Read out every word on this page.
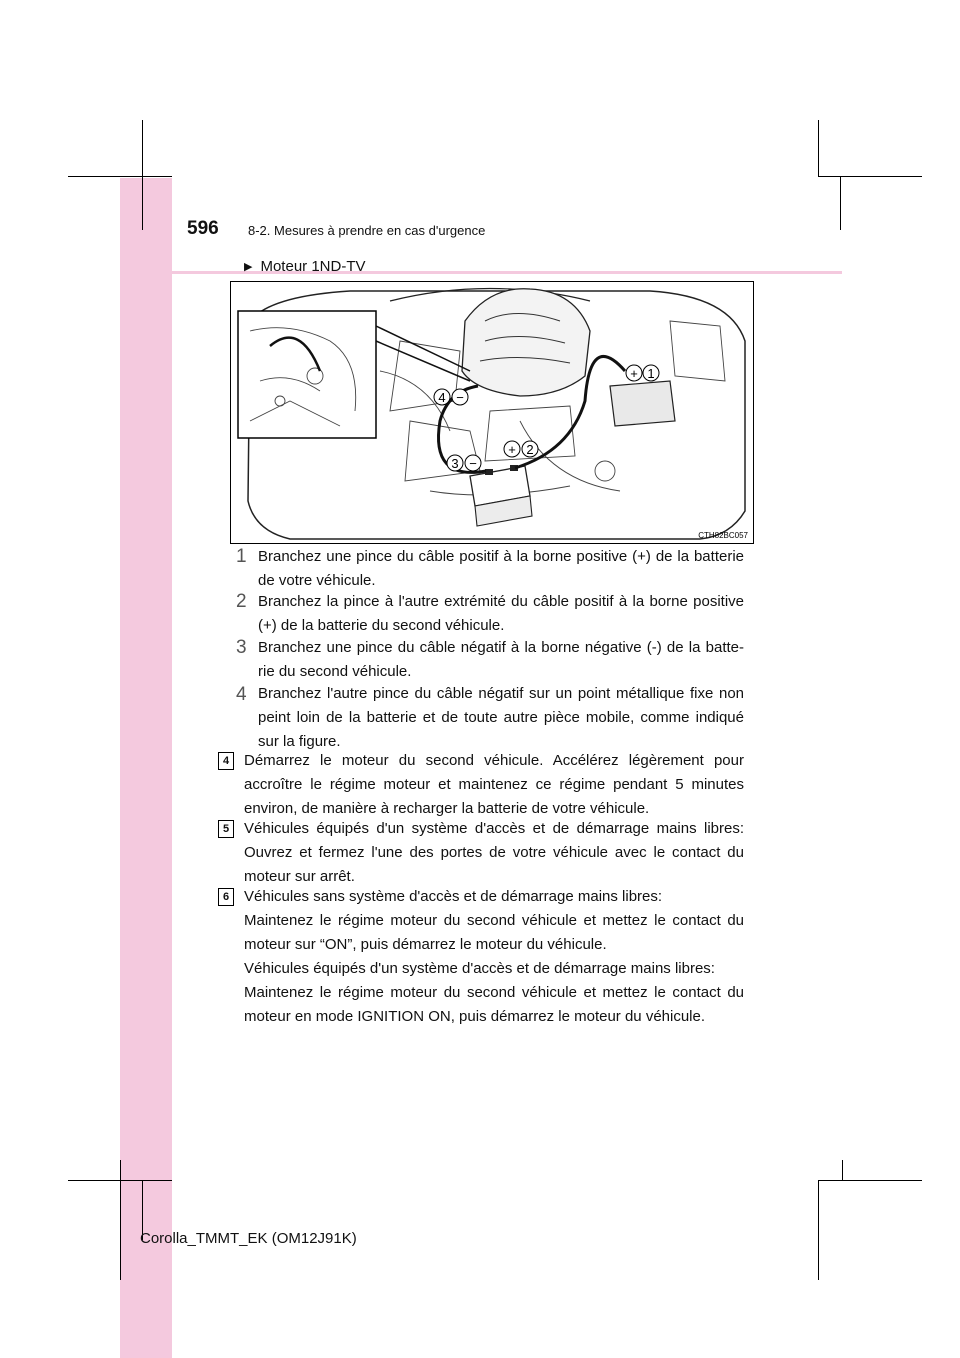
596 8-2. Mesures à prendre en cas d'urgence
+ 1
+ 2
3 −
4 −
CTH82BC057
▶ Moteur 1ND-TV
1 Branchez une pince du câble positif à la borne positive (+) de la batterie de votre véhicule.
2 Branchez la pince à l'autre extrémité du câble positif à la borne positive (+) de la batterie du second véhicule.
3 Branchez une pince du câble négatif à la borne négative (-) de la batte-rie du second véhicule.
4 Branchez l'autre pince du câble négatif sur un point métallique fixe non peint loin de la batterie et de toute autre pièce mobile, comme indiqué sur la figure.
4 Démarrez le moteur du second véhicule. Accélérez légèrement pour accroître le régime moteur et maintenez ce régime pendant 5 minutes environ, de manière à recharger la batterie de votre véhicule.
5 Véhicules équipés d'un système d'accès et de démarrage mains libres: Ouvrez et fermez l'une des portes de votre véhicule avec le contact du moteur sur arrêt.
6 Véhicules sans système d'accès et de démarrage mains libres:
Maintenez le régime moteur du second véhicule et mettez le contact du moteur sur “ON”, puis démarrez le moteur du véhicule.
Véhicules équipés d'un système d'accès et de démarrage mains libres:
Maintenez le régime moteur du second véhicule et mettez le contact du moteur en mode IGNITION ON, puis démarrez le moteur du véhicule.
Corolla_TMMT_EK (OM12J91K)
